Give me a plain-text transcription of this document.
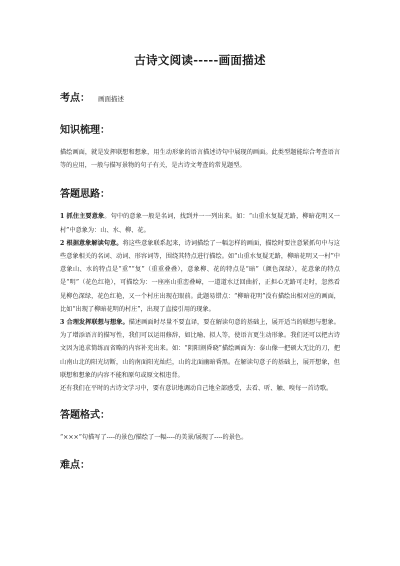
古诗文阅读-----画面描述
考点： 画面描述
知识梳理：

描绘画面，就是发挥联想和想象，用生动形象的语言描述诗句中展现的画面。此类型题能综合考查语言等的应用，一般与描写景物的句子有关，是古诗文考查的常见题型。

答题思路：

1 抓住主要意象。句中的意象一般是名词，找到并一一列出来。如：“山重水复疑无路，柳暗花明又一村”中意象为：山、水、柳、花。

2 根据意象解读句意。将这些意象联系起来，诗词描绘了一幅怎样的画面，描绘时要注意紧抓句中与这些意象相关的名词、动词、形容词等，围绕其特点进行描绘。如“山重水复疑无路，柳暗花明又一村”中意象山、水的特点是“重”“复”（重重叠叠），意象柳、花的特点是“暗”（颜色深绿），花意象的特点是“明”（花色红艳），可描绘为：一座座山重峦叠嶂，一道道水迂回曲折，正担心无路可走时，忽然看见柳色深绿，花色红艳，又一个村庄出现在眼前。此题易错点：“柳暗花明”没有描绘出相对应的画面，比如“出现了柳暗花明的村庄”，出现了直接引用的现象。

3 合理发挥联想与想象。描述画面时尽量不要直译，要在解读句意的基础上，展开适当的联想与想象。为了增添语言的描写性，我们可以运用修辞，如比喻、拟人等，使语言更生动形象。我们还可以把古诗文因为追求简练而省略的内容补充出来。如：“阴阳割昏晓”描绘画面为：泰山像一把硕大无比的刀，把山南山北的阳光切断，山的南面阳光灿烂，山的北面幽暗昏黑。在解读句意子的基础上，展开想象，但联想和想象的内容不能和原句或原文相违背。

还有我们在平时的古诗文学习中，要有意识地调动自己地全部感受，去看、听、触、嗅每一首诗歌。

答题格式：

“×××”句描写了----的景色/描绘了一幅----的美景/展现了----的景色。

难点：
